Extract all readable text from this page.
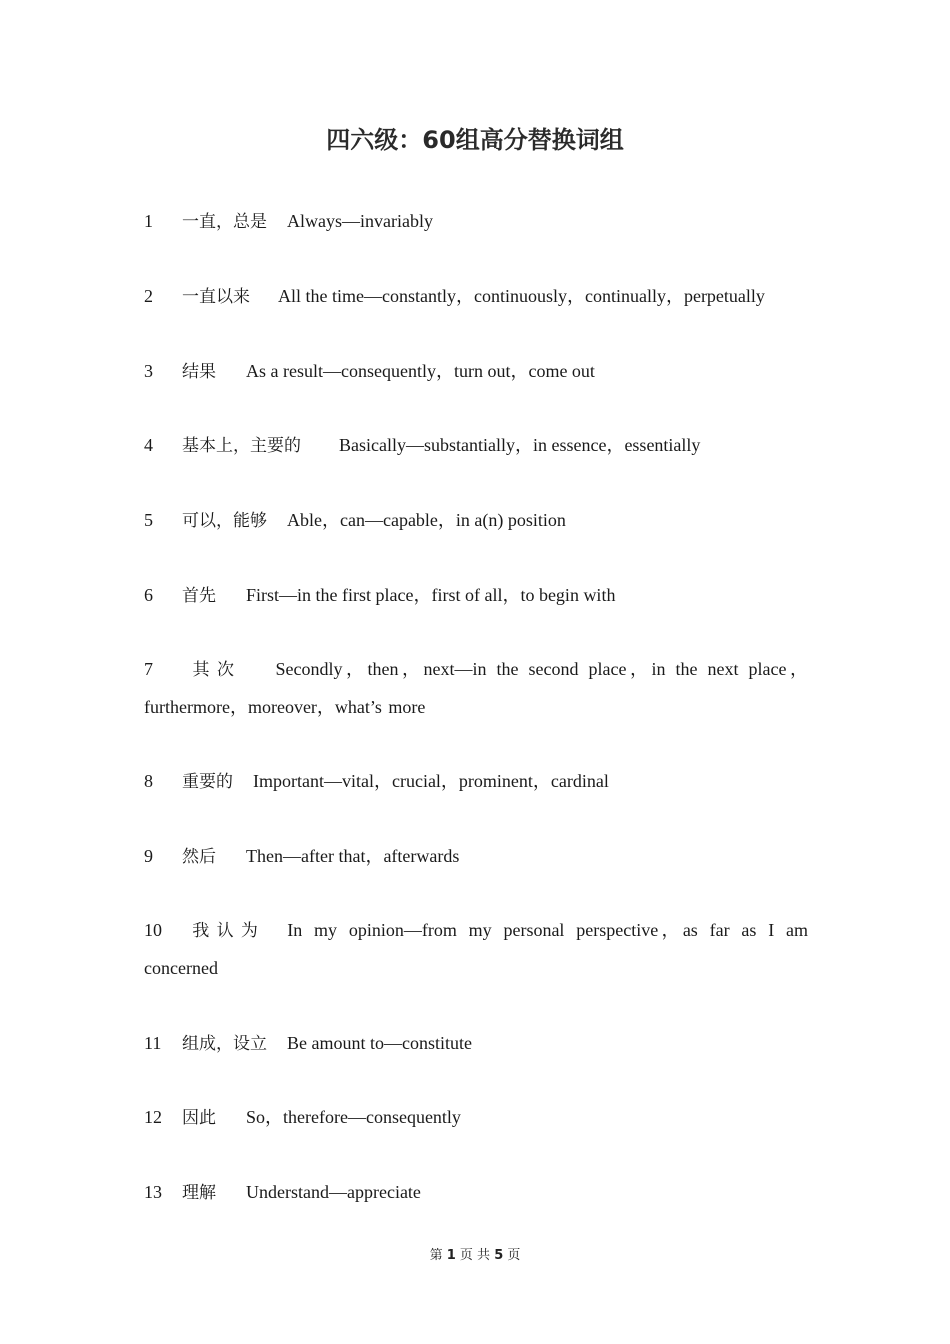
四六级：60组高分替换词组
1 一直，总是 Always—invariably
2 一直以来 All the time—constantly，continuously，continually，perpetually
3 结果 As a result—consequently，turn out，come out
4 基本上，主要的 Basically—substantially，in essence，essentially
5 可以，能够 Able，can—capable，in a(n) position
6 首先 First—in the first place，first of all，to begin with
7 其次 Secondly，then，next—in the second place，in the next place，furthermore，moreover，what’s more
8 重要的 Important—vital，crucial，prominent，cardinal
9 然后 Then—after that，afterwards
10 我认为 In my opinion—from my personal perspective，as far as I am concerned
11 组成，设立 Be amount to—constitute
12 因此 So，therefore—consequently
13 理解 Understand—appreciate
第 1 页 共 5 页
